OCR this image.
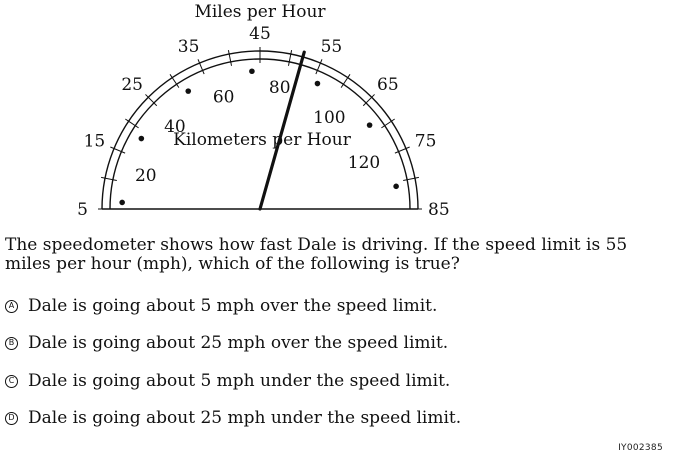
5
15
25
35
45
55
65
75
85
20
40
60 80
100
120
Miles per Hour
Kilometers per Hour

The speedometer shows how fast Dale is driving. If the speed limit is 55 miles per hour (mph), which of the following is true?

A Dale is going about 5 mph over the speed limit.
B Dale is going about 25 mph over the speed limit.
C Dale is going about 5 mph under the speed limit.
D Dale is going about 25 mph under the speed limit.
IY002385
